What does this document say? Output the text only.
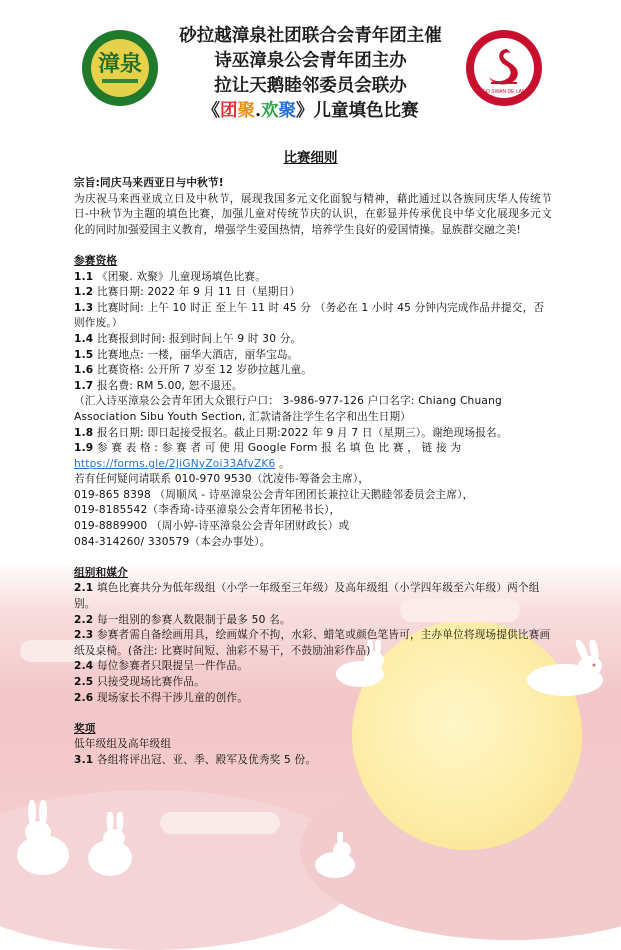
漳泉
NGO SWAN DE LANG
砂拉越漳泉社团联合会青年团主催
诗巫漳泉公会青年团主办
拉让天鹅睦邻委员会联办
《团聚.欢聚》儿童填色比赛
比赛细则

宗旨:同庆马来西亚日与中秋节!

为庆祝马来西亚成立日及中秋节，展现我国多元文化面貌与精神，藉此通过以各族同庆华人传统节日-中秋节为主题的填色比赛，加强儿童对传统节庆的认识，在彰显并传承优良中华文化展现多元文化的同时加强爱国主义教育，增强学生爱国热情，培养学生良好的爱国情操。显族群交融之美!

参赛资格

1.1 《团聚. 欢聚》儿童现场填色比赛。

1.2 比赛日期: 2022 年 9 月 11 日（星期日）

1.3 比赛时间: 上午 10 时正 至上午 11 时 45 分 （务必在 1 小时 45 分钟内完成作品并提交，否则作废。）

1.4 比赛报到时间: 报到时间上午 9 时 30 分。

1.5 比赛地点: 一楼，丽华大酒店，丽华宝岛。

1.6 比赛资格: 公开所 7 岁至 12 岁砂拉越儿童。

1.7 报名费: RM 5.00, 恕不退还。

（汇入诗巫漳泉公会青年团大众银行户口： 3-986-977-126 户口名字: Chiang Chuang Association Sibu Youth Section, 汇款请备注学生名字和出生日期）

1.8 报名日期: 即日起接受报名。截止日期:2022 年 9 月 7 日（星期三）。谢绝现场报名。

1.9 参 赛 表 格 : 参 赛 者 可 使 用 Google Form 报 名 填 色 比 赛 ， 链 接 为

https://forms.gle/2JiGNyZoi33AfvZK6 。

若有任何疑问请联系 010-970 9530（沈凌伟-筹备会主席），

019-865 8398 （周顺凤 - 诗巫漳泉公会青年团团长兼拉让天鹅睦邻委员会主席），

019-8185542（李香琦-诗巫漳泉公会青年团秘书长），

019-8889900 （周小婷-诗巫漳泉公会青年团财政长）或

084-314260/ 330579（本会办事处）。

组别和媒介

2.1 填色比赛共分为低年级组（小学一年级至三年级）及高年级组（小学四年级至六年级）两个组别。

2.2 每一组别的参赛人数限制于最多 50 名。

2.3 参赛者需自备绘画用具，绘画媒介不拘，水彩、蜡笔或颜色笔皆可，主办单位将现场提供比赛画纸及桌椅。(备注: 比赛时间短、油彩不易干，不鼓励油彩作品)

2.4 每位参赛者只限提呈一件作品。

2.5 只接受现场比赛作品。

2.6 现场家长不得干涉儿童的创作。

奖项

低年级组及高年级组

3.1 各组将评出冠、亚、季、殿军及优秀奖 5 份。
